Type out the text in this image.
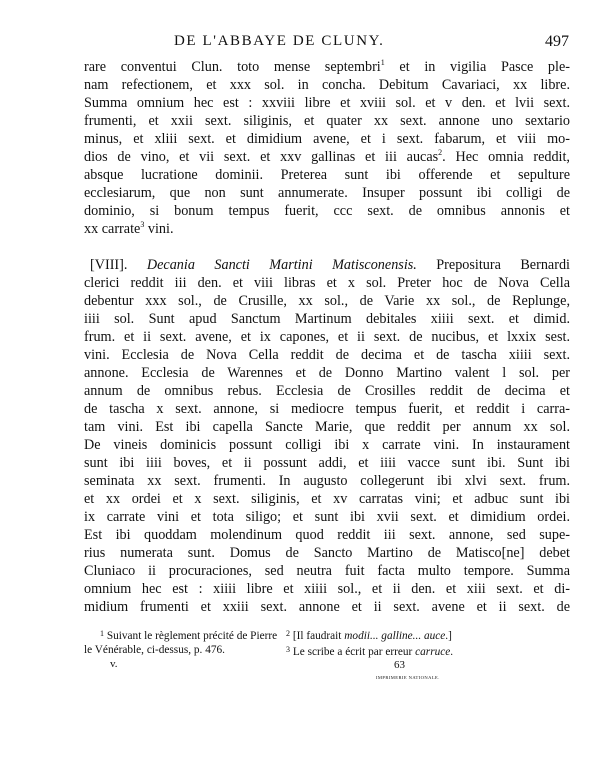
DE L'ABBAYE DE CLUNY.	497
rare conventui Clun. toto mense septembri$^1$ et in vigilia Pasce ple-
nam refectionem, et xxx sol. in concha. Debitum Cavariaci, xx libre.
Summa omnium hec est : xxviii libre et xviii sol. et v den. et lvii sext.
frumenti, et xxii sext. siliginis, et quater xx sext. annone uno sextario
minus, et xliii sext. et dimidium avene, et i sext. fabarum, et viii mo-
dios de vino, et vii sext. et xxv gallinas et iii aucas$^2$. Hec omnia reddit,
absque lucratione dominii. Preterea sunt ibi offerende et sepulture
ecclesiarum, que non sunt annumerate. Insuper possunt ibi colligi de
dominio, si bonum tempus fuerit, ccc sext. de omnibus annonis et
xx carrate$^3$ vini.
[VIII]. Decania Sancti Martini Matisconensis. Prepositura Bernardi
clerici reddit iii den. et viii libras et x sol. Preter hoc de Nova Cella
debentur xxx sol., de Crusille, xx sol., de Varie xx sol., de Replunge,
iiii sol. Sunt apud Sanctum Martinum debitales xiiii sext. et dimid.
frum. et ii sext. avene, et ix capones, et ii sext. de nucibus, et lxxix sest.
vini. Ecclesia de Nova Cella reddit de decima et de tascha xiiii sext.
annone. Ecclesia de Warennes et de Donno Martino valent l sol. per
annum de omnibus rebus. Ecclesia de Crosilles reddit de decima et
de tascha x sext. annone, si mediocre tempus fuerit, et reddit i carra-
tam vini. Est ibi capella Sancte Marie, que reddit per annum xx sol.
De vineis dominicis possunt colligi ibi x carrate vini. In instaurament
sunt ibi iiii boves, et ii possunt addi, et iiii vacce sunt ibi. Sunt ibi
seminata xx sext. frumenti. In augusto collegerunt ibi xlvi sext. frum.
et xx ordei et x sext. siliginis, et xv carratas vini; et adbuc sunt ibi
ix carrate vini et tota siligo; et sunt ibi xvii sext. et dimidium ordei.
Est ibi quoddam molendinum quod reddit iii sext. annone, sed supe-
rius numerata sunt. Domus de Sancto Martino de Matisco[ne] debet
Cluniaco ii procuraciones, sed neutra fuit facta multo tempore. Summa
omnium hec est : xiiii libre et xiiii sol., et ii den. et xiii sext. et di-
midium frumenti et xxiii sext. annone et ii sext. avene et ii sext. de
$^1$ Suivant le règlement précité de Pierre
le Vénérable, ci-dessus, p. 476.
$^2$ [Il faudrait modii... galline... auce.]
$^3$ Le scribe a écrit par erreur carruce.
v.	63
IMPRIMERIE NATIONALE.
